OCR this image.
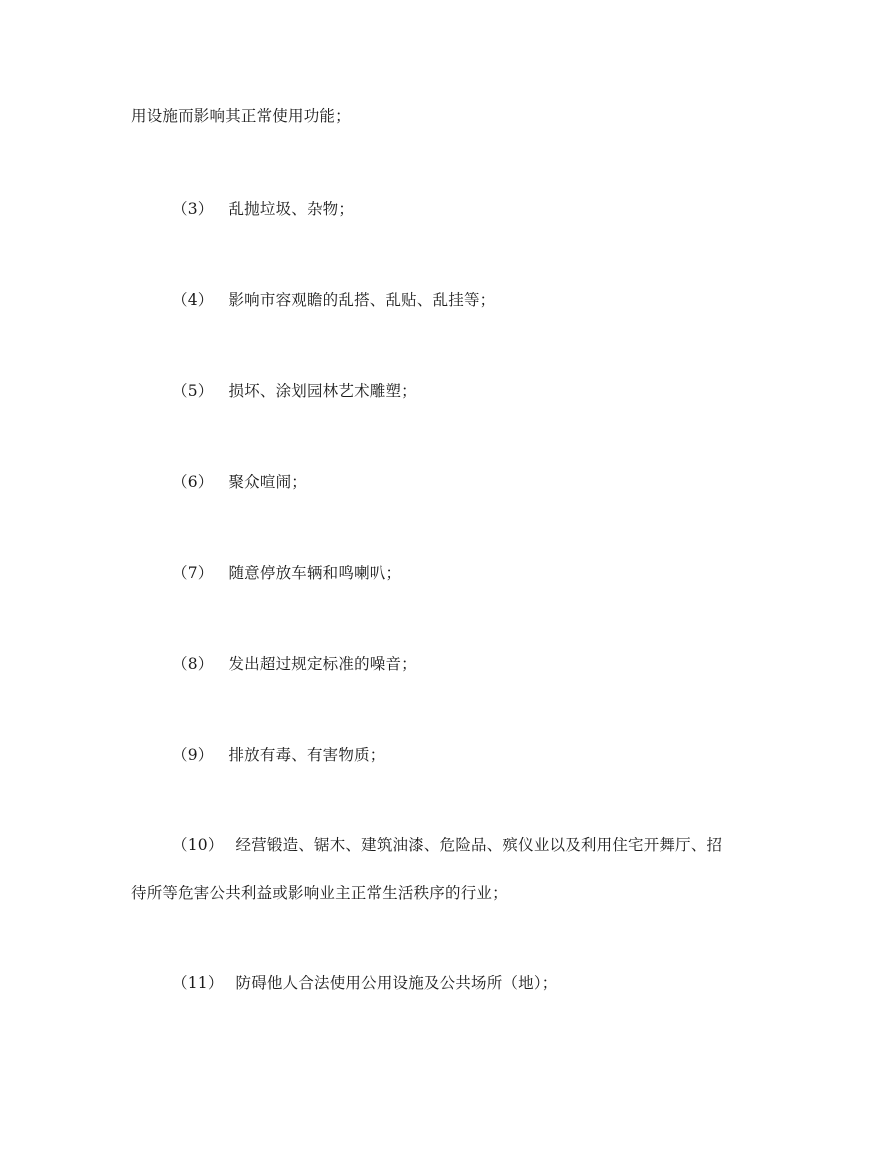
用设施而影响其正常使用功能；
（3） 乱抛垃圾、杂物；
（4） 影响市容观瞻的乱搭、乱贴、乱挂等；
（5） 损坏、涂划园林艺术雕塑；
（6） 聚众喧闹；
（7） 随意停放车辆和鸣喇叭；
（8） 发出超过规定标准的噪音；
（9） 排放有毒、有害物质；
（10） 经营锻造、锯木、建筑油漆、危险品、殡仪业以及利用住宅开舞厅、招
待所等危害公共利益或影响业主正常生活秩序的行业；
（11） 防碍他人合法使用公用设施及公共场所（地）；
